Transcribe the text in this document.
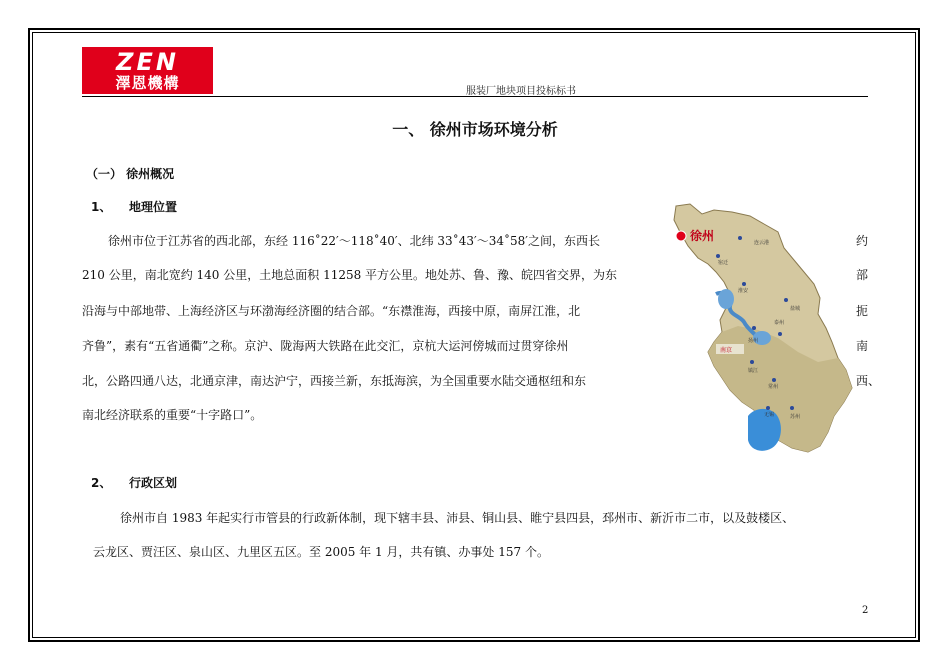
ZEN
澤恩機構	服装厂地块项目投标标书
一、 徐州市场环境分析
（一） 徐州概况
1、 地理位置
徐州市位于江苏省的西北部，东经 116˚22′～118˚40′、北纬 33˚43′～34˚58′之间，东西长
210 公里，南北宽约 140 公里，土地总面积 11258 平方公里。地处苏、鲁、豫、皖四省交界，为东
沿海与中部地带、上海经济区与环渤海经济圈的结合部。“东襟淮海，西接中原，南屏江淮，北
齐鲁”，素有“五省通衢”之称。京沪、陇海两大铁路在此交汇，京杭大运河傍城而过贯穿徐州
北，公路四通八达，北通京津，南达沪宁，西接兰新，东抵海滨，为全国重要水陆交通枢纽和东
南北经济联系的重要“十字路口”。
约
部
扼
南
西、
徐州	连云港
宿迁
淮安
盐城
扬州
泰州
南京
镇江
常州
无锡	苏州
2、 行政区划
徐州市自 1983 年起实行市管县的行政新体制，现下辖丰县、沛县、铜山县、睢宁县四县，邳州市、新沂市二市，以及鼓楼区、
云龙区、贾汪区、泉山区、九里区五区。至 2005 年 1 月，共有镇、办事处 157 个。
2
